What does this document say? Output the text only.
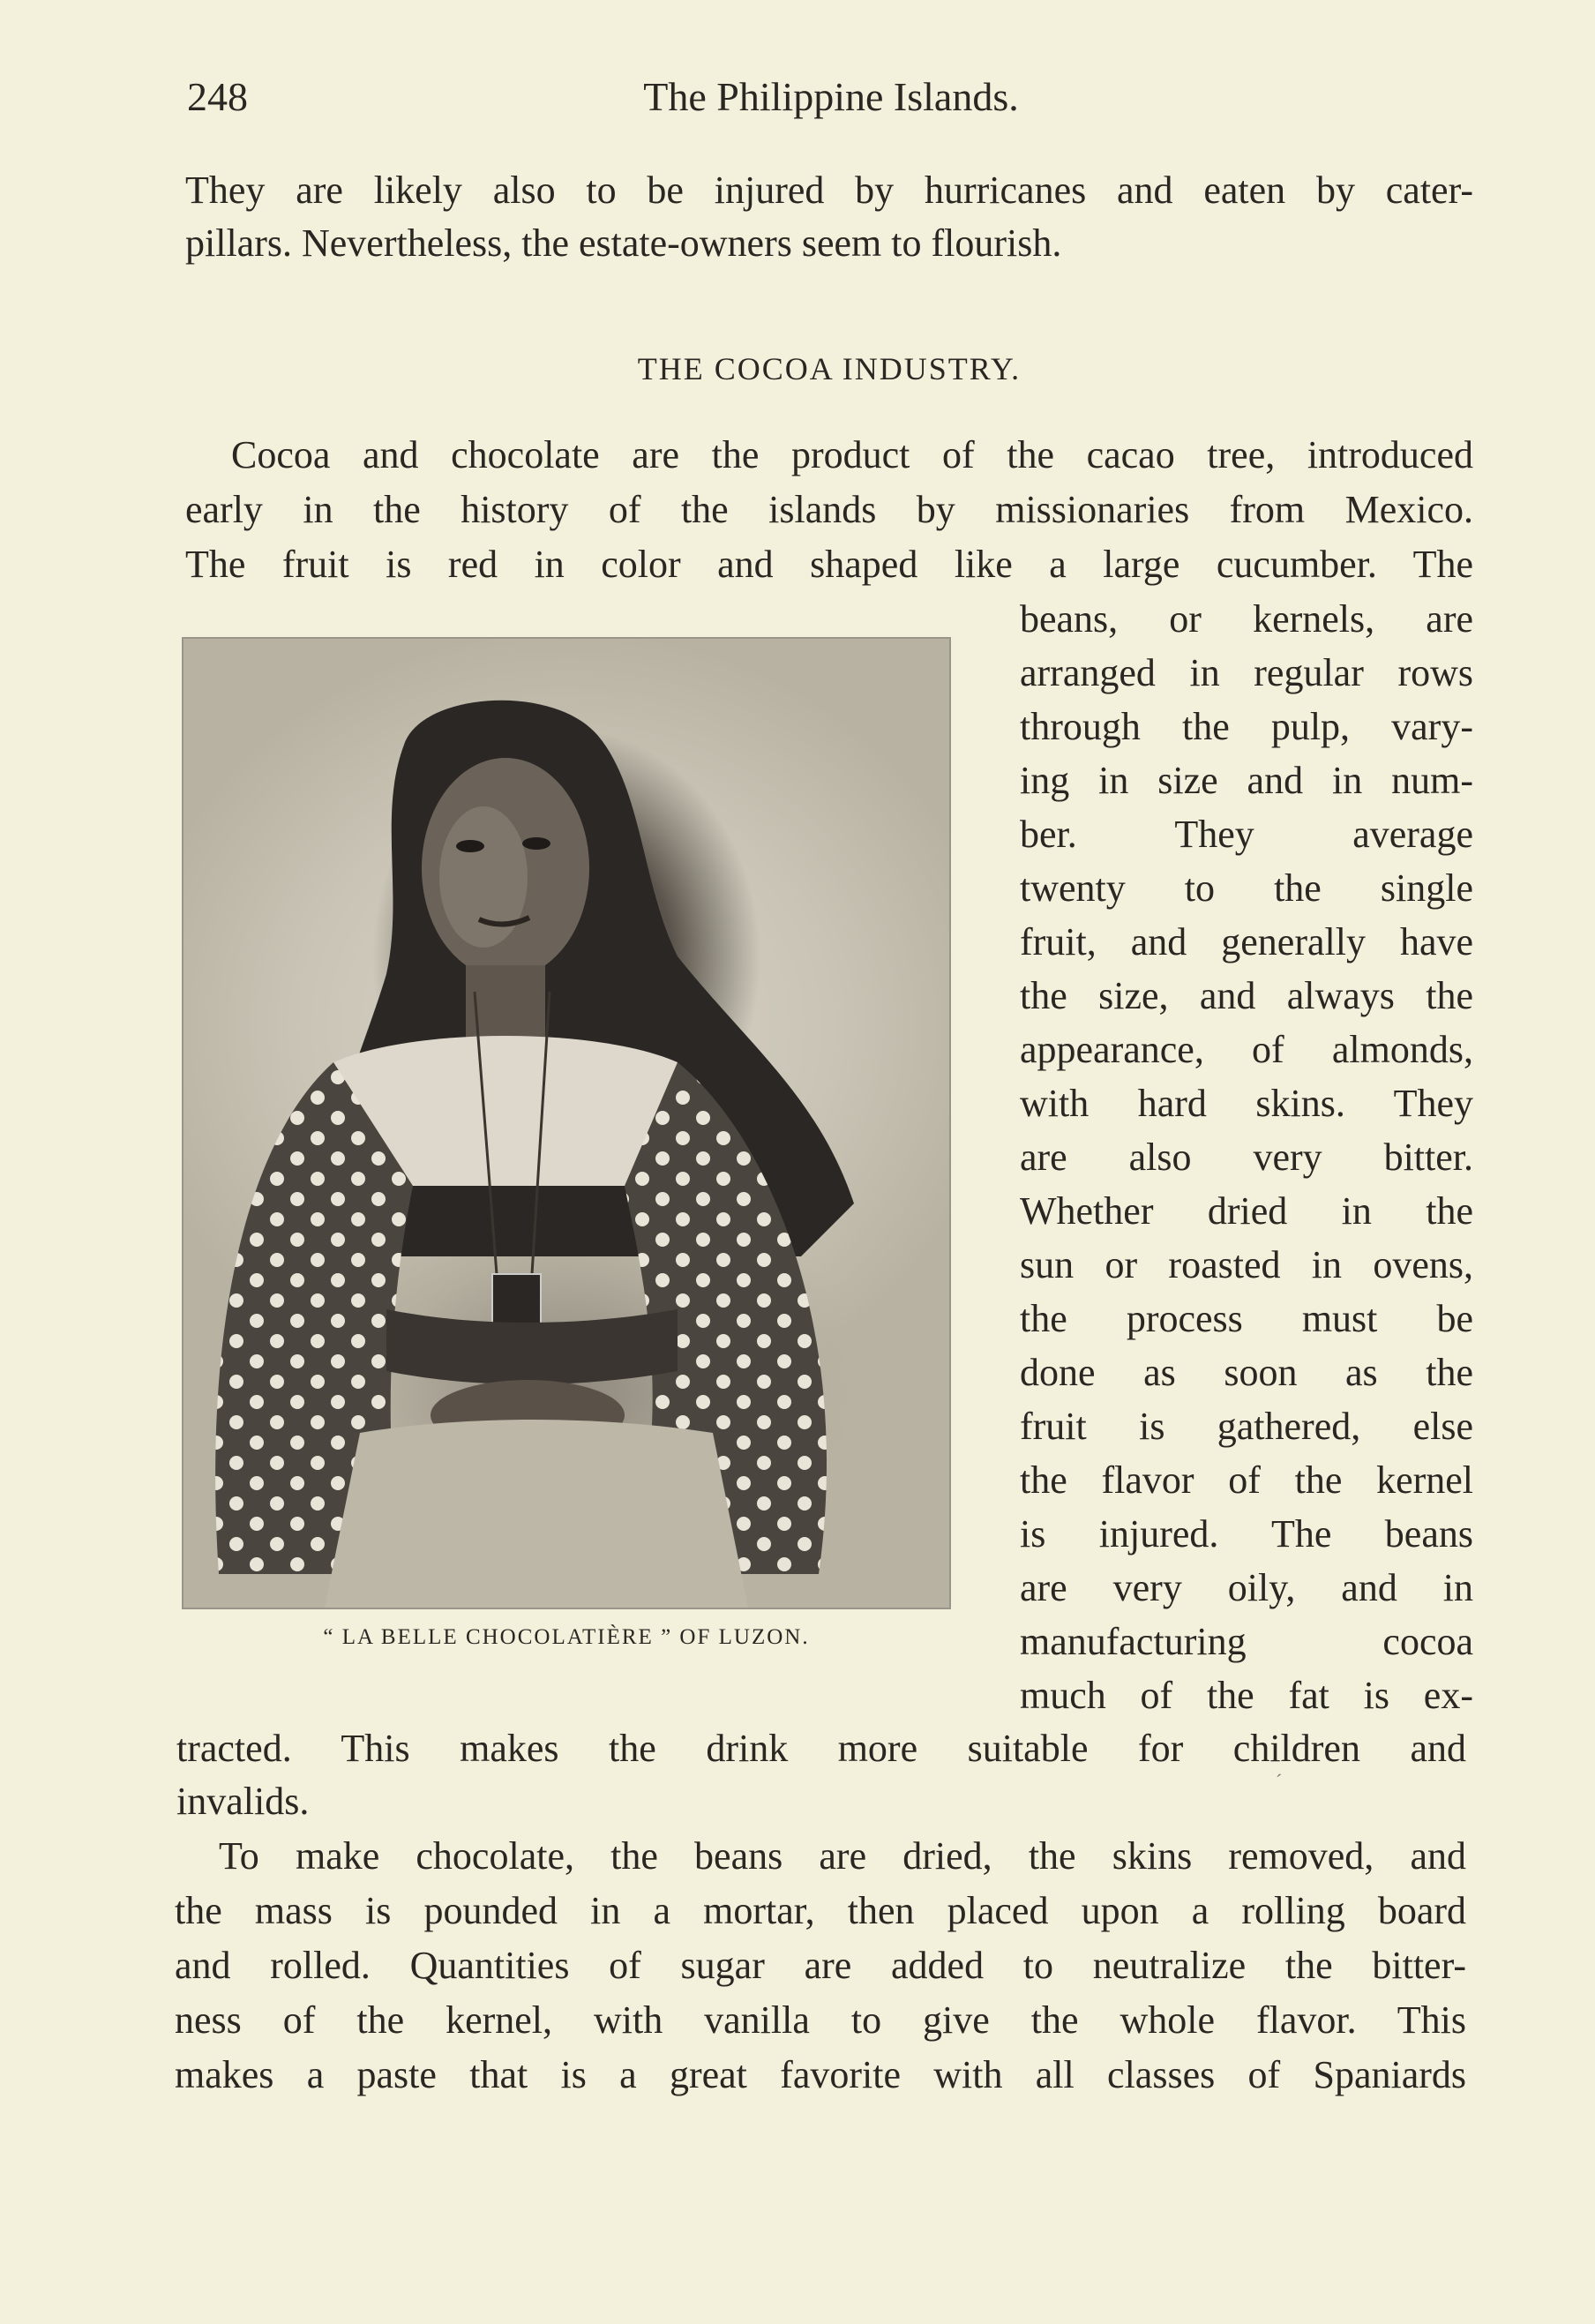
248	The Philippine Islands.
They are likely also to be injured by hurricanes and eaten by cater-
pillars. Nevertheless, the estate-owners seem to flourish.
THE COCOA INDUSTRY.
Cocoa and chocolate are the product of the cacao tree, introduced
early in the history of the islands by missionaries from Mexico.
The fruit is red in color and shaped like a large cucumber. The
“ LA BELLE CHOCOLATIÈRE ” OF LUZON.
beans, or kernels, are
arranged in regular rows
through the pulp, vary-
ing in size and in num-
ber. They average
twenty to the single
fruit, and generally have
the size, and always the
appearance, of almonds,
with hard skins. They
are also very bitter.
Whether dried in the
sun or roasted in ovens,
the process must be
done as soon as the
fruit is gathered, else
the flavor of the kernel
is injured. The beans
are very oily, and in
manufacturing cocoa
much of the fat is ex-
tracted. This makes the drink more suitable for children and
invalids.	´
To make chocolate, the beans are dried, the skins removed, and
the mass is pounded in a mortar, then placed upon a rolling board
and rolled. Quantities of sugar are added to neutralize the bitter-
ness of the kernel, with vanilla to give the whole flavor. This
makes a paste that is a great favorite with all classes of Spaniards
